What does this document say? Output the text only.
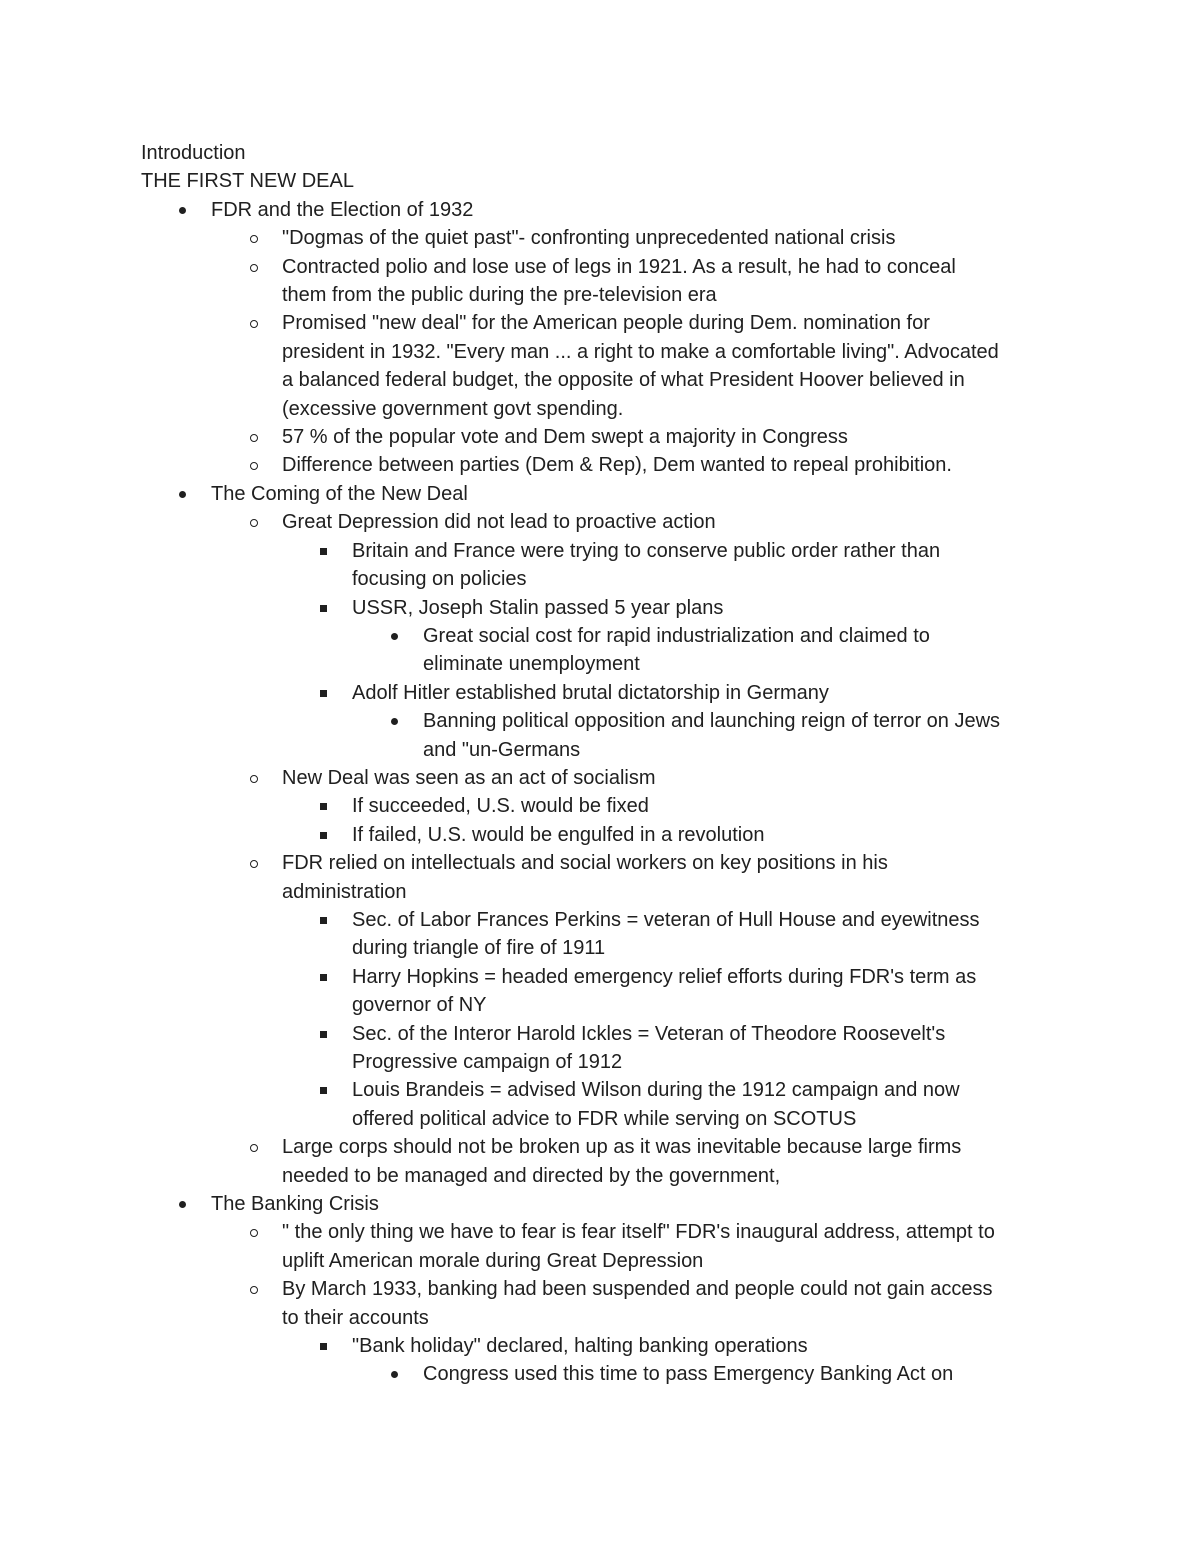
Introduction

THE FIRST NEW DEAL

FDR and the Election of 1932
"Dogmas of the quiet past"- confronting unprecedented national crisis
Contracted polio and lose use of legs in 1921. As a result, he had to conceal
them from the public during the pre-television era
Promised "new deal" for the American people during Dem. nomination for
president in 1932. "Every man ... a right to make a comfortable living". Advocated
a balanced federal budget, the opposite of what President Hoover believed in
(excessive government govt spending.
57 % of the popular vote and Dem swept a majority in Congress
Difference between parties (Dem & Rep), Dem wanted to repeal prohibition.
The Coming of the New Deal
Great Depression did not lead to proactive action
Britain and France were trying to conserve public order rather than
focusing on policies
USSR, Joseph Stalin passed 5 year plans
Great social cost for rapid industrialization and claimed to
eliminate unemployment
Adolf Hitler established brutal dictatorship in Germany
Banning political opposition and launching reign of terror on Jews
and "un-Germans
New Deal was seen as an act of socialism
If succeeded, U.S. would be fixed
If failed, U.S. would be engulfed in a revolution
FDR relied on intellectuals and social workers on key positions in his
administration
Sec. of Labor Frances Perkins = veteran of Hull House and eyewitness
during triangle of fire of 1911
Harry Hopkins = headed emergency relief efforts during FDR's term as
governor of NY
Sec. of the Interor Harold Ickles = Veteran of Theodore Roosevelt's
Progressive campaign of 1912
Louis Brandeis = advised Wilson during the 1912 campaign and now
offered political advice to FDR while serving on SCOTUS
Large corps should not be broken up as it was inevitable because large firms
needed to be managed and directed by the government,
The Banking Crisis
" the only thing we have to fear is fear itself" FDR's inaugural address, attempt to
uplift American morale during Great Depression
By March 1933, banking had been suspended and people could not gain access
to their accounts
"Bank holiday" declared, halting banking operations
Congress used this time to pass Emergency Banking Act on
